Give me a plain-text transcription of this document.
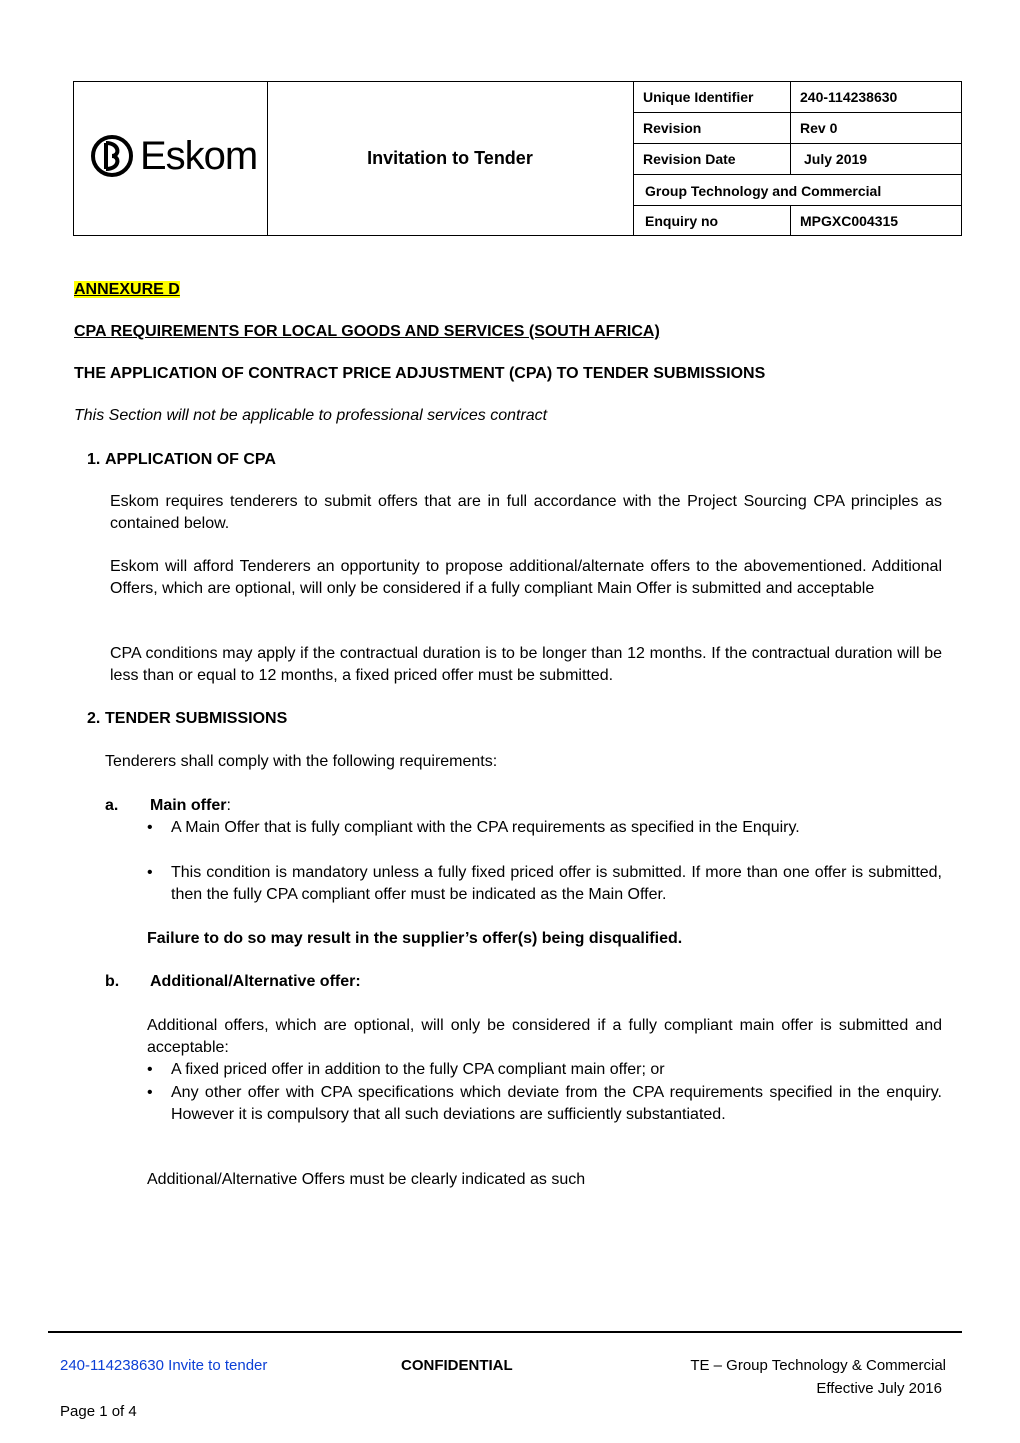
Eskom	Invitation to Tender
Unique Identifier	240-114238630
Revision	Rev 0
Revision Date	July 2019
Group Technology and Commercial
Enquiry no	MPGXC004315
ANNEXURE D
CPA REQUIREMENTS FOR LOCAL GOODS AND SERVICES (SOUTH AFRICA)
THE APPLICATION OF CONTRACT PRICE ADJUSTMENT (CPA) TO TENDER SUBMISSIONS
This Section will not be applicable to professional services contract
1. APPLICATION OF CPA
Eskom requires tenderers to submit offers that are in full accordance with the Project Sourcing CPA principles as contained below.
Eskom will afford Tenderers an opportunity to propose additional/alternate offers to the abovementioned. Additional Offers, which are optional, will only be considered if a fully compliant Main Offer is submitted and acceptable
CPA conditions may apply if the contractual duration is to be longer than 12 months. If the contractual duration will be less than or equal to 12 months, a fixed priced offer must be submitted.
2. TENDER SUBMISSIONS
Tenderers shall comply with the following requirements:
a. Main offer:
• A Main Offer that is fully compliant with the CPA requirements as specified in the Enquiry.
• This condition is mandatory unless a fully fixed priced offer is submitted. If more than one offer is submitted, then the fully CPA compliant offer must be indicated as the Main Offer.
Failure to do so may result in the supplier’s offer(s) being disqualified.
b. Additional/Alternative offer:
Additional offers, which are optional, will only be considered if a fully compliant main offer is submitted and acceptable:
• A fixed priced offer in addition to the fully CPA compliant main offer; or
• Any other offer with CPA specifications which deviate from the CPA requirements specified in the enquiry. However it is compulsory that all such deviations are sufficiently substantiated.
Additional/Alternative Offers must be clearly indicated as such
240-114238630 Invite to tender	CONFIDENTIAL	TE – Group Technology & Commercial
Effective July 2016
Page 1 of 4
